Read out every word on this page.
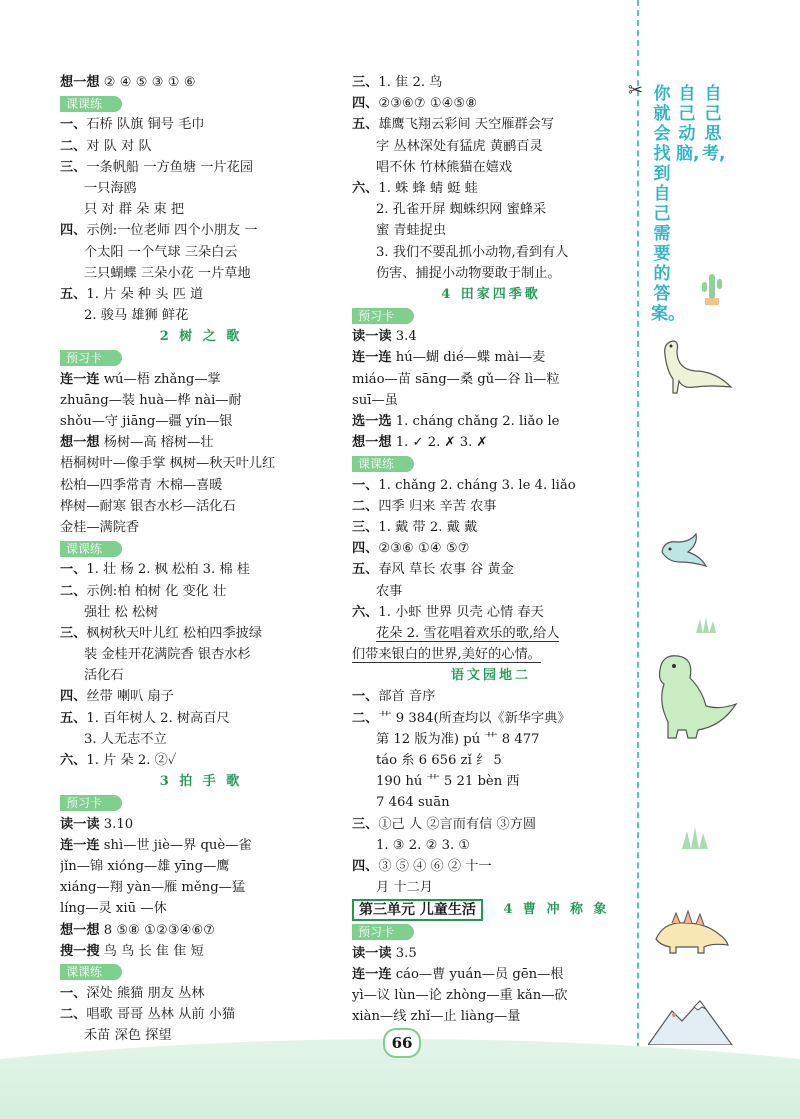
想一想 ② ④ ⑤ ③ ① ⑥
课课练
一、石桥 队旗 铜号 毛巾
二、对 队 对 队
三、一条帆船 一方鱼塘 一片花园
一只海鸥
只 对 群 朵 束 把
四、示例:一位老师 四个小朋友 一
个太阳 一个气球 三朵白云
三只蝴蝶 三朵小花 一片草地
五、1. 片 朵 种 头 匹 道
2. 骏马 雄狮 鲜花
2 树 之 歌
预习卡
连一连 wú—梧 zhǎng—掌
zhuāng—装 huà—桦 nài—耐
shǒu—守 jiāng—疆 yín—银
想一想 杨树—高 榕树—壮
梧桐树叶—像手掌 枫树—秋天叶儿红
松柏—四季常青 木棉—喜暖
桦树—耐寒 银杏水杉—活化石
金桂—满院香
课课练
一、1. 壮 杨 2. 枫 松柏 3. 棉 桂
二、示例:柏 柏树 化 变化 壮
强壮 松 松树
三、枫树秋天叶儿红 松柏四季披绿
装 金桂开花满院香 银杏水杉
活化石
四、丝带 喇叭 扇子
五、1. 百年树人 2. 树高百尺
3. 人无志不立
六、1. 片 朵 2. ②✓
3 拍 手 歌
预习卡
读一读 3.10
连一连 shì—世 jiè—界 què—雀
jǐn—锦 xióng—雄 yīng—鹰
xiáng—翔 yàn—雁 měng—猛
líng—灵 xiū —休
想一想 8 ⑤⑧ ①②③④⑥⑦
搜一搜 鸟 鸟 长 隹 隹 短
课课练
一、深处 熊猫 朋友 丛林
二、唱歌 哥哥 丛林 从前 小猫
禾苗 深色 探望
三、1. 隹 2. 鸟
四、②③⑥⑦ ①④⑤⑧
五、雄鹰飞翔云彩间 天空雁群会写
字 丛林深处有猛虎 黄鹂百灵
唱不休 竹林熊猫在嬉戏
六、1. 蛛 蜂 蜻 蜓 蛙
2. 孔雀开屏 蜘蛛织网 蜜蜂采
蜜 青蛙捉虫
3. 我们不要乱抓小动物,看到有人
伤害、捕捉小动物要敢于制止。
4 田家四季歌
预习卡
读一读 3.4
连一连 hú—蝴 dié—蝶 mài—麦
miáo—苗 sāng—桑 gǔ—谷 lì—粒
suī—虽
选一选 1. cháng chǎng 2. liǎo le
想一想 1. ✓ 2. ✗ 3. ✗
课课练
一、1. chǎng 2. cháng 3. le 4. liǎo
二、四季 归来 辛苦 农事
三、1. 戴 带 2. 戴 戴
四、②③⑥ ①④ ⑤⑦
五、春风 草长 农事 谷 黄金
农事
六、1. 小虾 世界 贝壳 心情 春天
花朵 2. 雪花唱着欢乐的歌,给人
们带来银白的世界,美好的心情。
语文园地二
一、部首 音序
二、艹 9 384(所查均以《新华字典》
第 12 版为准) pú 艹 8 477
táo 糸 6 656 zǐ 纟 5
190 hú 艹 5 21 bèn 西
7 464 suān
三、①己 人 ②言而有信 ③方圆
1. ③ 2. ② 3. ①
四、③ ⑤ ④ ⑥ ② 十一
月 十二月
第三单元 儿童生活	4 曹 冲 称 象
预习卡
读一读 3.5
连一连 cáo—曹 yuán—员 gēn—根
yì—议 lùn—论 zhòng—重 kǎn—砍
xiàn—线 zhǐ—止 liàng—量
✂ 你就会找到自己需要的答案。
自己动脑,
自己思考,
66
